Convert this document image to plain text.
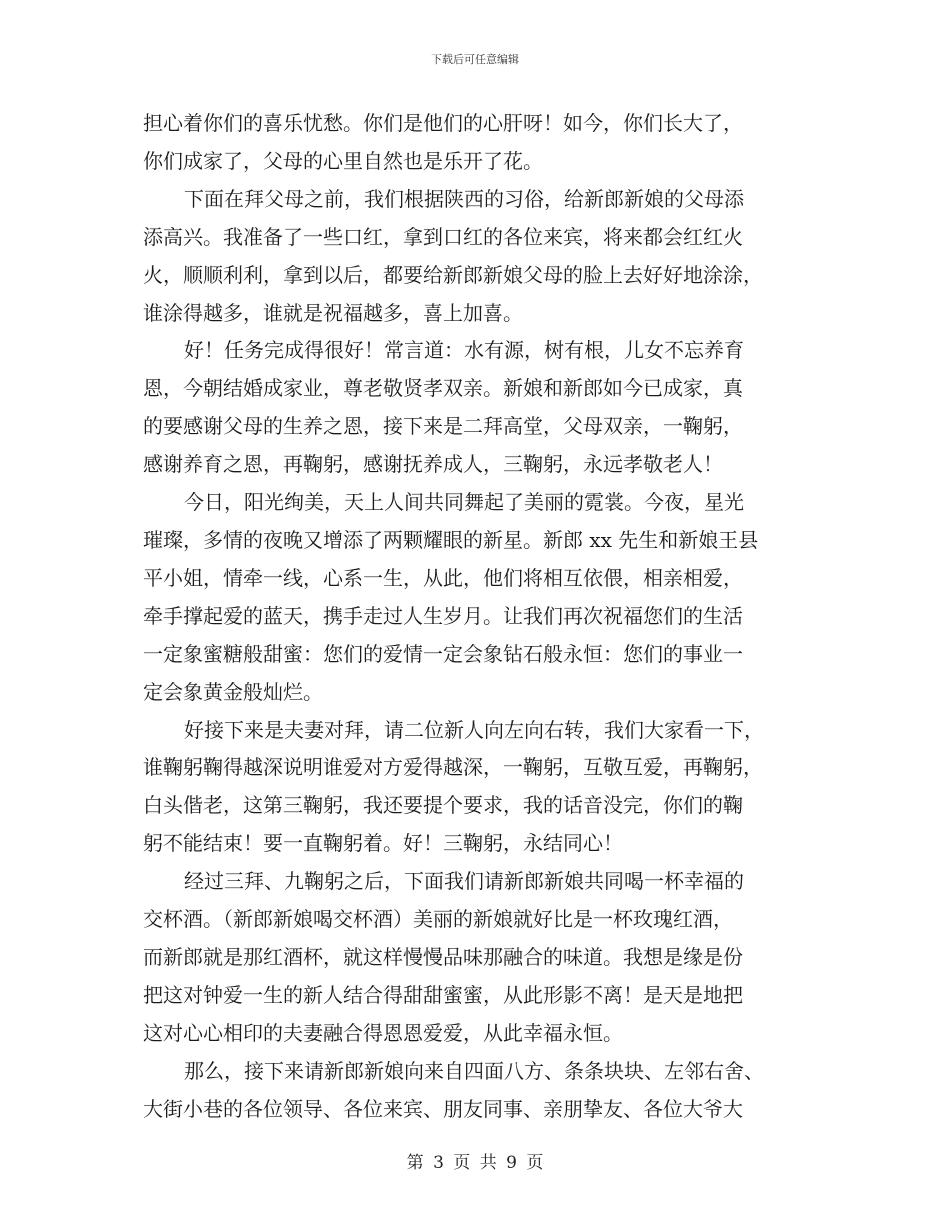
下载后可任意编辑

担心着你们的喜乐忧愁。你们是他们的心肝呀！如今，你们长大了，
你们成家了，父母的心里自然也是乐开了花。

下面在拜父母之前，我们根据陕西的习俗，给新郎新娘的父母添
添高兴。我准备了一些口红，拿到口红的各位来宾，将来都会红红火
火，顺顺利利，拿到以后，都要给新郎新娘父母的脸上去好好地涂涂，
谁涂得越多，谁就是祝福越多，喜上加喜。

好！任务完成得很好！常言道：水有源，树有根，儿女不忘养育
恩，今朝结婚成家业，尊老敬贤孝双亲。新娘和新郎如今已成家，真
的要感谢父母的生养之恩，接下来是二拜高堂，父母双亲，一鞠躬，
感谢养育之恩，再鞠躬，感谢抚养成人，三鞠躬，永远孝敬老人！

今日，阳光绚美，天上人间共同舞起了美丽的霓裳。今夜，星光
璀璨，多情的夜晚又增添了两颗耀眼的新星。新郎 xx 先生和新娘王县
平小姐，情牵一线，心系一生，从此，他们将相互依偎，相亲相爱，
牵手撑起爱的蓝天，携手走过人生岁月。让我们再次祝福您们的生活
一定象蜜糖般甜蜜：您们的爱情一定会象钻石般永恒：您们的事业一
定会象黄金般灿烂。

好接下来是夫妻对拜，请二位新人向左向右转，我们大家看一下，
谁鞠躬鞠得越深说明谁爱对方爱得越深，一鞠躬，互敬互爱，再鞠躬，
白头偕老，这第三鞠躬，我还要提个要求，我的话音没完，你们的鞠
躬不能结束！要一直鞠躬着。好！三鞠躬，永结同心！

经过三拜、九鞠躬之后，下面我们请新郎新娘共同喝一杯幸福的
交杯酒。（新郎新娘喝交杯酒）美丽的新娘就好比是一杯玫瑰红酒，
而新郎就是那红酒杯，就这样慢慢品味那融合的味道。我想是缘是份
把这对钟爱一生的新人结合得甜甜蜜蜜，从此形影不离！是天是地把
这对心心相印的夫妻融合得恩恩爱爱，从此幸福永恒。

那么，接下来请新郎新娘向来自四面八方、条条块块、左邻右舍、
大街小巷的各位领导、各位来宾、朋友同事、亲朋挚友、各位大爷大

第 3 页 共 9 页
